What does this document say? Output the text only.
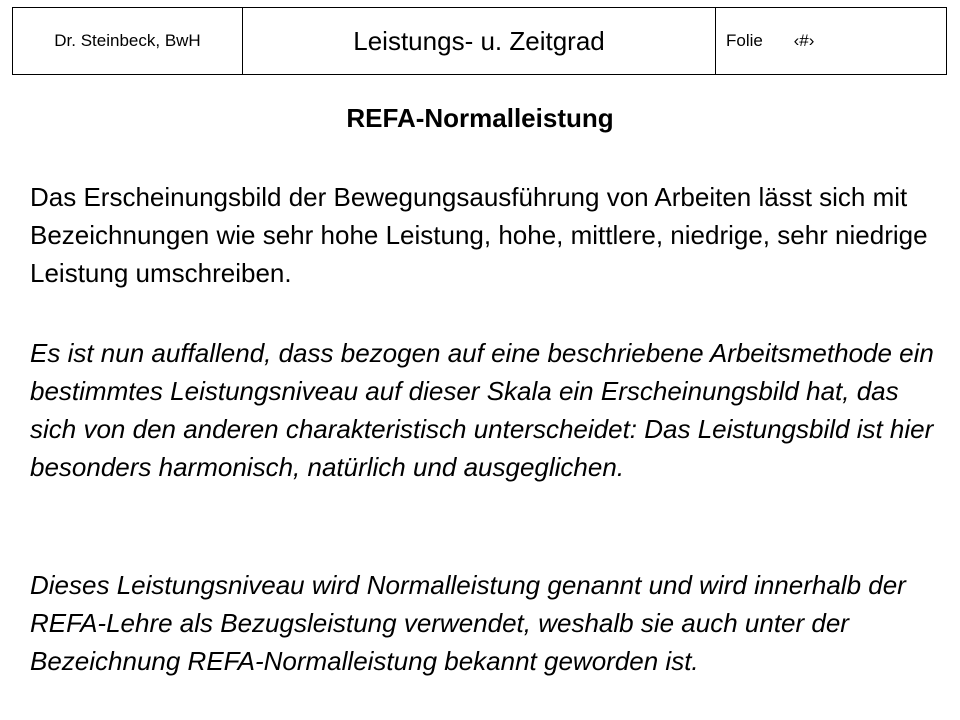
Dr. Steinbeck, BwH	Leistungs- u. Zeitgrad	Folie ‹#›
REFA-Normalleistung

Das Erscheinungsbild der Bewegungsausführung von Arbeiten lässt sich mit Bezeichnungen wie sehr hohe Leistung, hohe, mittlere, niedrige, sehr niedrige Leistung umschreiben.

Es ist nun auffallend, dass bezogen auf eine beschriebene Arbeitsmethode ein bestimmtes Leistungsniveau auf dieser Skala ein Erscheinungsbild hat, das sich von den anderen charakteristisch unterscheidet: Das Leistungsbild ist hier besonders harmonisch, natürlich und ausgeglichen.

Dieses Leistungsniveau wird Normalleistung genannt und wird innerhalb der REFA-Lehre als Bezugsleistung verwendet, weshalb sie auch unter der Bezeichnung REFA-Normalleistung bekannt geworden ist.
